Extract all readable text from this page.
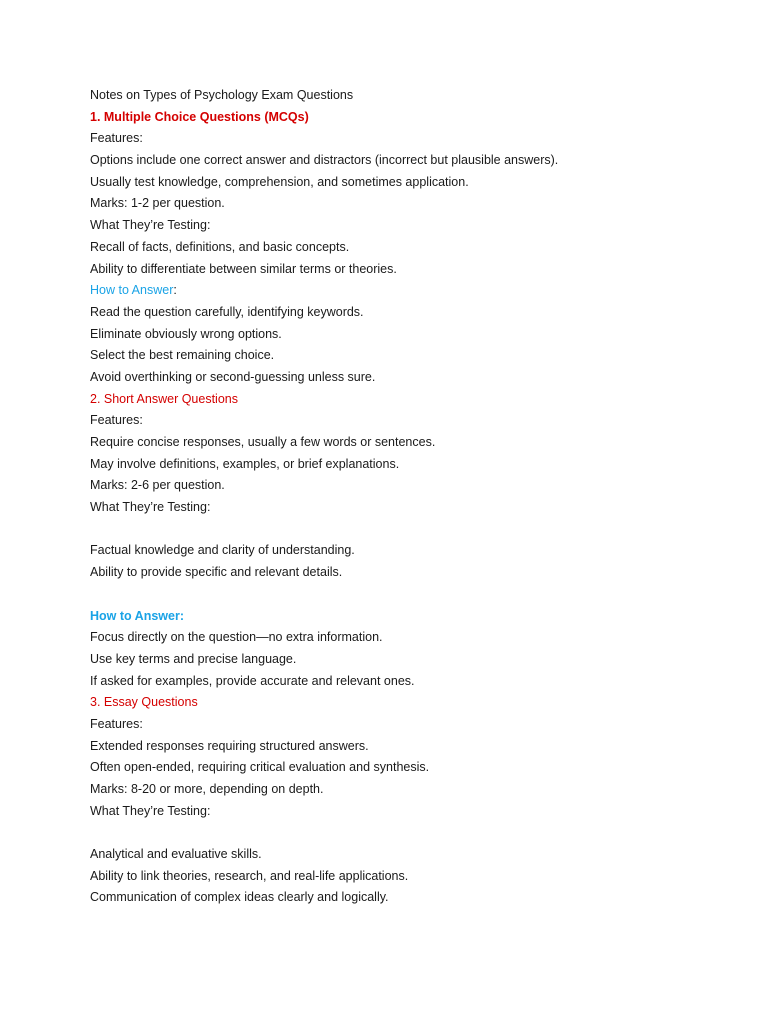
Notes on Types of Psychology Exam Questions
1. Multiple Choice Questions (MCQs)
Features:
Options include one correct answer and distractors (incorrect but plausible answers).
Usually test knowledge, comprehension, and sometimes application.
Marks: 1-2 per question.
What They’re Testing:
Recall of facts, definitions, and basic concepts.
Ability to differentiate between similar terms or theories.
How to Answer:
Read the question carefully, identifying keywords.
Eliminate obviously wrong options.
Select the best remaining choice.
Avoid overthinking or second-guessing unless sure.
2. Short Answer Questions
Features:
Require concise responses, usually a few words or sentences.
May involve definitions, examples, or brief explanations.
Marks: 2-6 per question.
What They’re Testing:
Factual knowledge and clarity of understanding.
Ability to provide specific and relevant details.
How to Answer:
Focus directly on the question—no extra information.
Use key terms and precise language.
If asked for examples, provide accurate and relevant ones.
3. Essay Questions
Features:
Extended responses requiring structured answers.
Often open-ended, requiring critical evaluation and synthesis.
Marks: 8-20 or more, depending on depth.
What They’re Testing:
Analytical and evaluative skills.
Ability to link theories, research, and real-life applications.
Communication of complex ideas clearly and logically.
